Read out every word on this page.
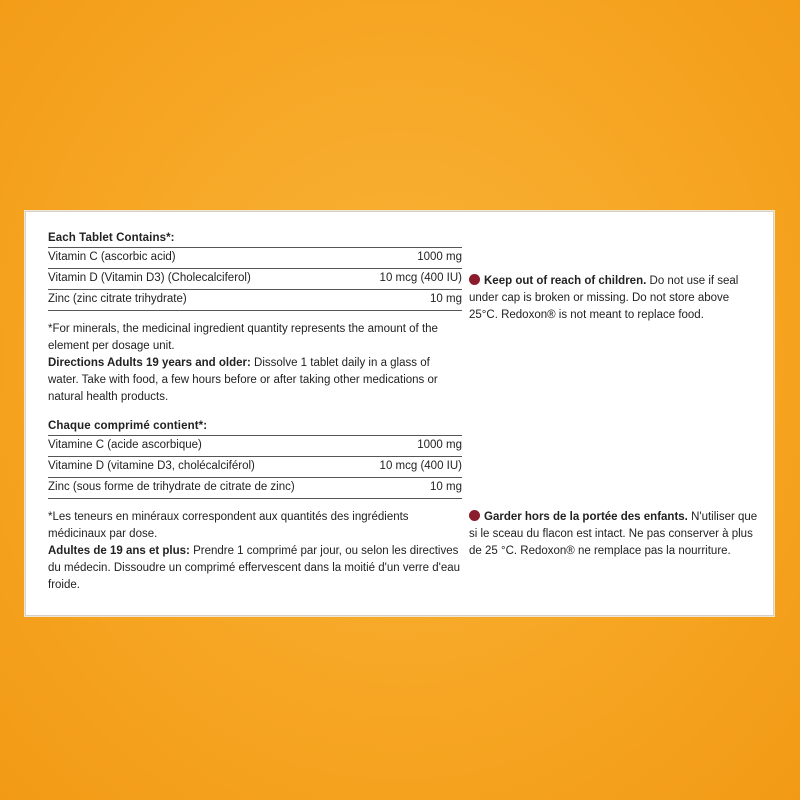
Each Tablet Contains*:
Vitamin C (ascorbic acid)	1000 mg
Vitamin D (Vitamin D3) (Cholecalciferol)	10 mcg (400 IU)
Zinc (zinc citrate trihydrate)	10 mg

*For minerals, the medicinal ingredient quantity represents the amount of the element per dosage unit.

Directions Adults 19 years and older: Dissolve 1 tablet daily in a glass of water. Take with food, a few hours before or after taking other medications or natural health products.

Chaque comprimé contient*:
Vitamine C (acide ascorbique)	1000 mg
Vitamine D (vitamine D3, cholécalciférol)	10 mcg (400 IU)
Zinc (sous forme de trihydrate de citrate de zinc)	10 mg

*Les teneurs en minéraux correspondent aux quantités des ingrédients médicinaux par dose.

Adultes de 19 ans et plus: Prendre 1 comprimé par jour, ou selon les directives du médecin. Dissoudre un comprimé effervescent dans la moitié d'un verre d'eau froide.

Keep out of reach of children. Do not use if seal under cap is broken or missing. Do not store above 25°C. Redoxon® is not meant to replace food.
Garder hors de la portée des enfants. N'utiliser que si le sceau du flacon est intact. Ne pas conserver à plus de 25 °C. Redoxon® ne remplace pas la nourriture.
